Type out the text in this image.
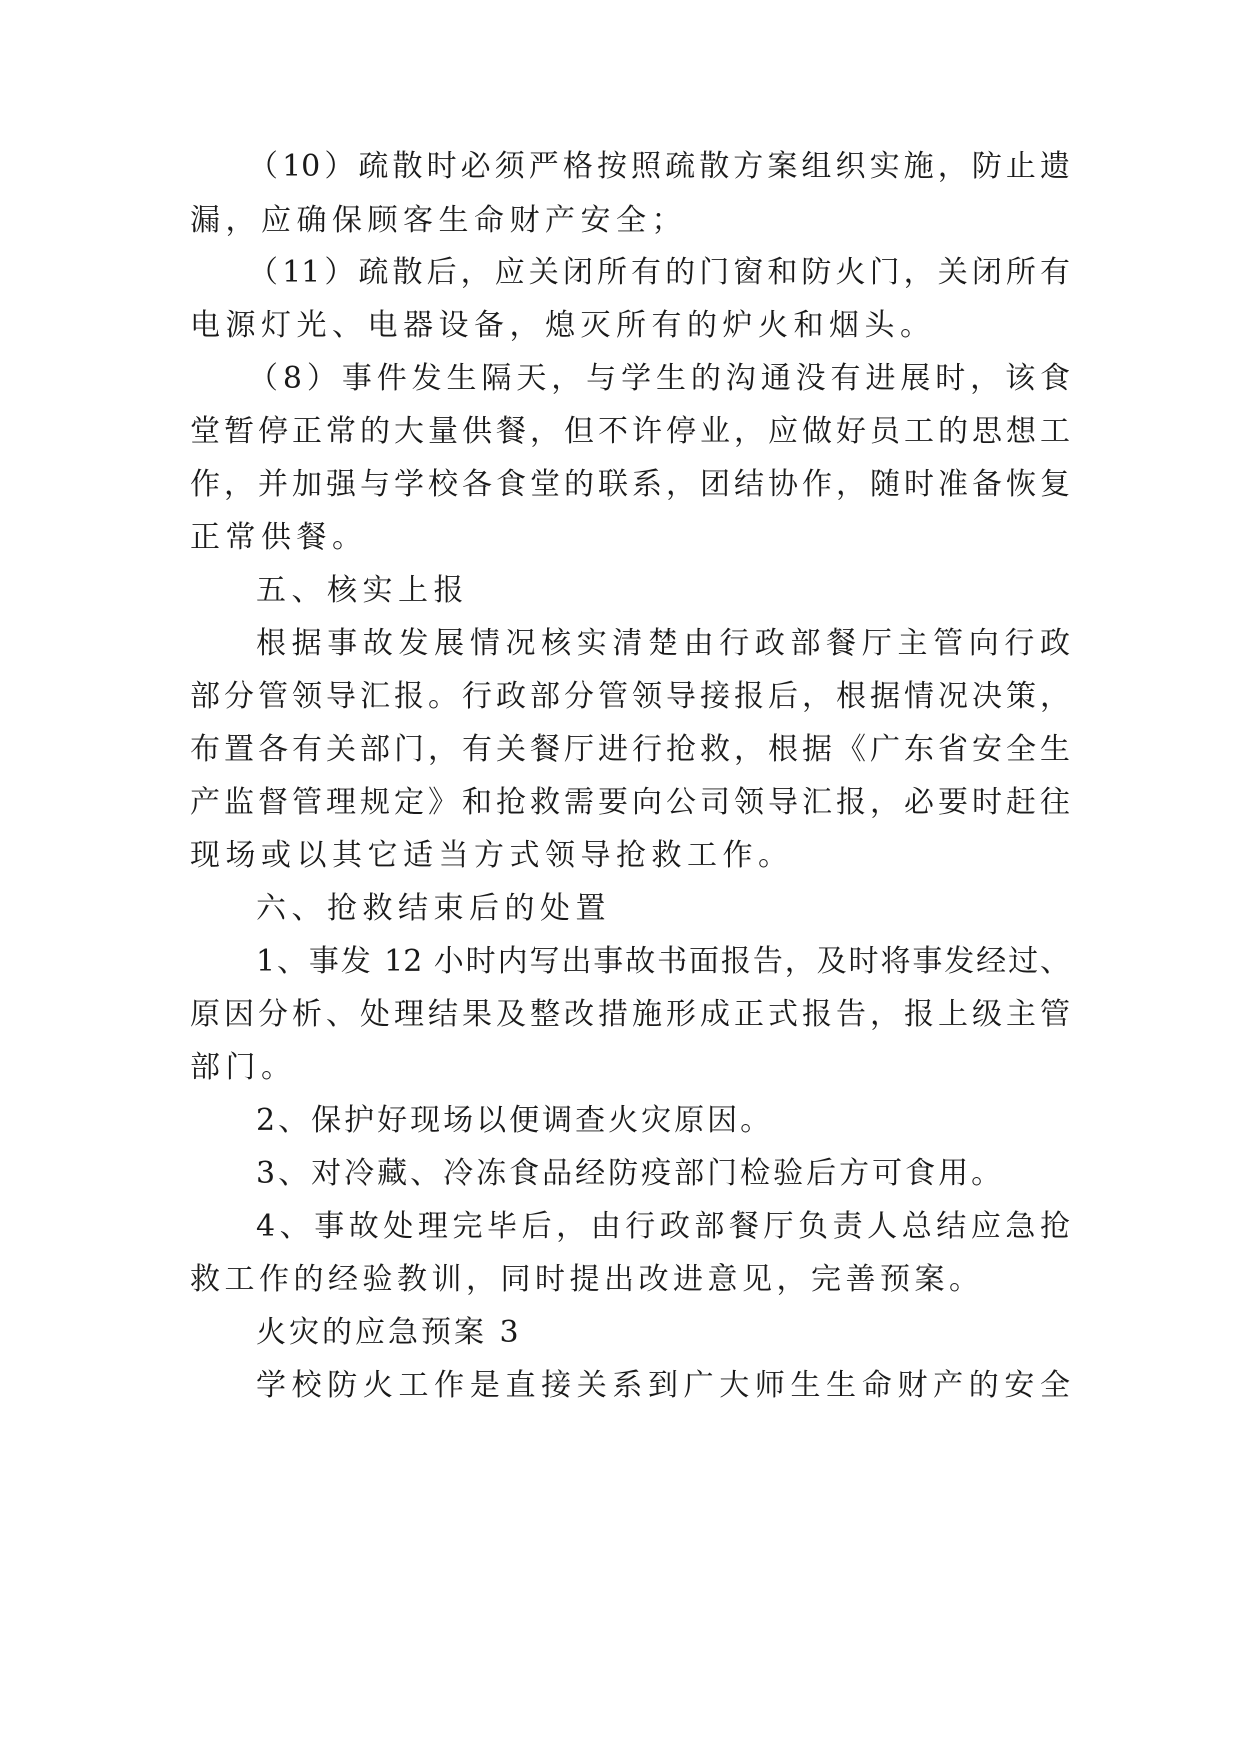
（10）疏散时必须严格按照疏散方案组织实施，防止遗
漏，应确保顾客生命财产安全；
（11）疏散后，应关闭所有的门窗和防火门，关闭所有
电源灯光、电器设备，熄灭所有的炉火和烟头。
（8）事件发生隔天，与学生的沟通没有进展时，该食
堂暂停正常的大量供餐，但不许停业，应做好员工的思想工
作，并加强与学校各食堂的联系，团结协作，随时准备恢复
正常供餐。
五、核实上报
根据事故发展情况核实清楚由行政部餐厅主管向行政
部分管领导汇报。行政部分管领导接报后，根据情况决策，
布置各有关部门，有关餐厅进行抢救，根据《广东省安全生
产监督管理规定》和抢救需要向公司领导汇报，必要时赶往
现场或以其它适当方式领导抢救工作。
六、抢救结束后的处置
1、事发 12 小时内写出事故书面报告，及时将事发经过、
原因分析、处理结果及整改措施形成正式报告，报上级主管
部门。
2、保护好现场以便调查火灾原因。
3、对冷藏、冷冻食品经防疫部门检验后方可食用。
4、事故处理完毕后，由行政部餐厅负责人总结应急抢
救工作的经验教训，同时提出改进意见，完善预案。
火灾的应急预案 3
学校防火工作是直接关系到广大师生生命财产的安全
